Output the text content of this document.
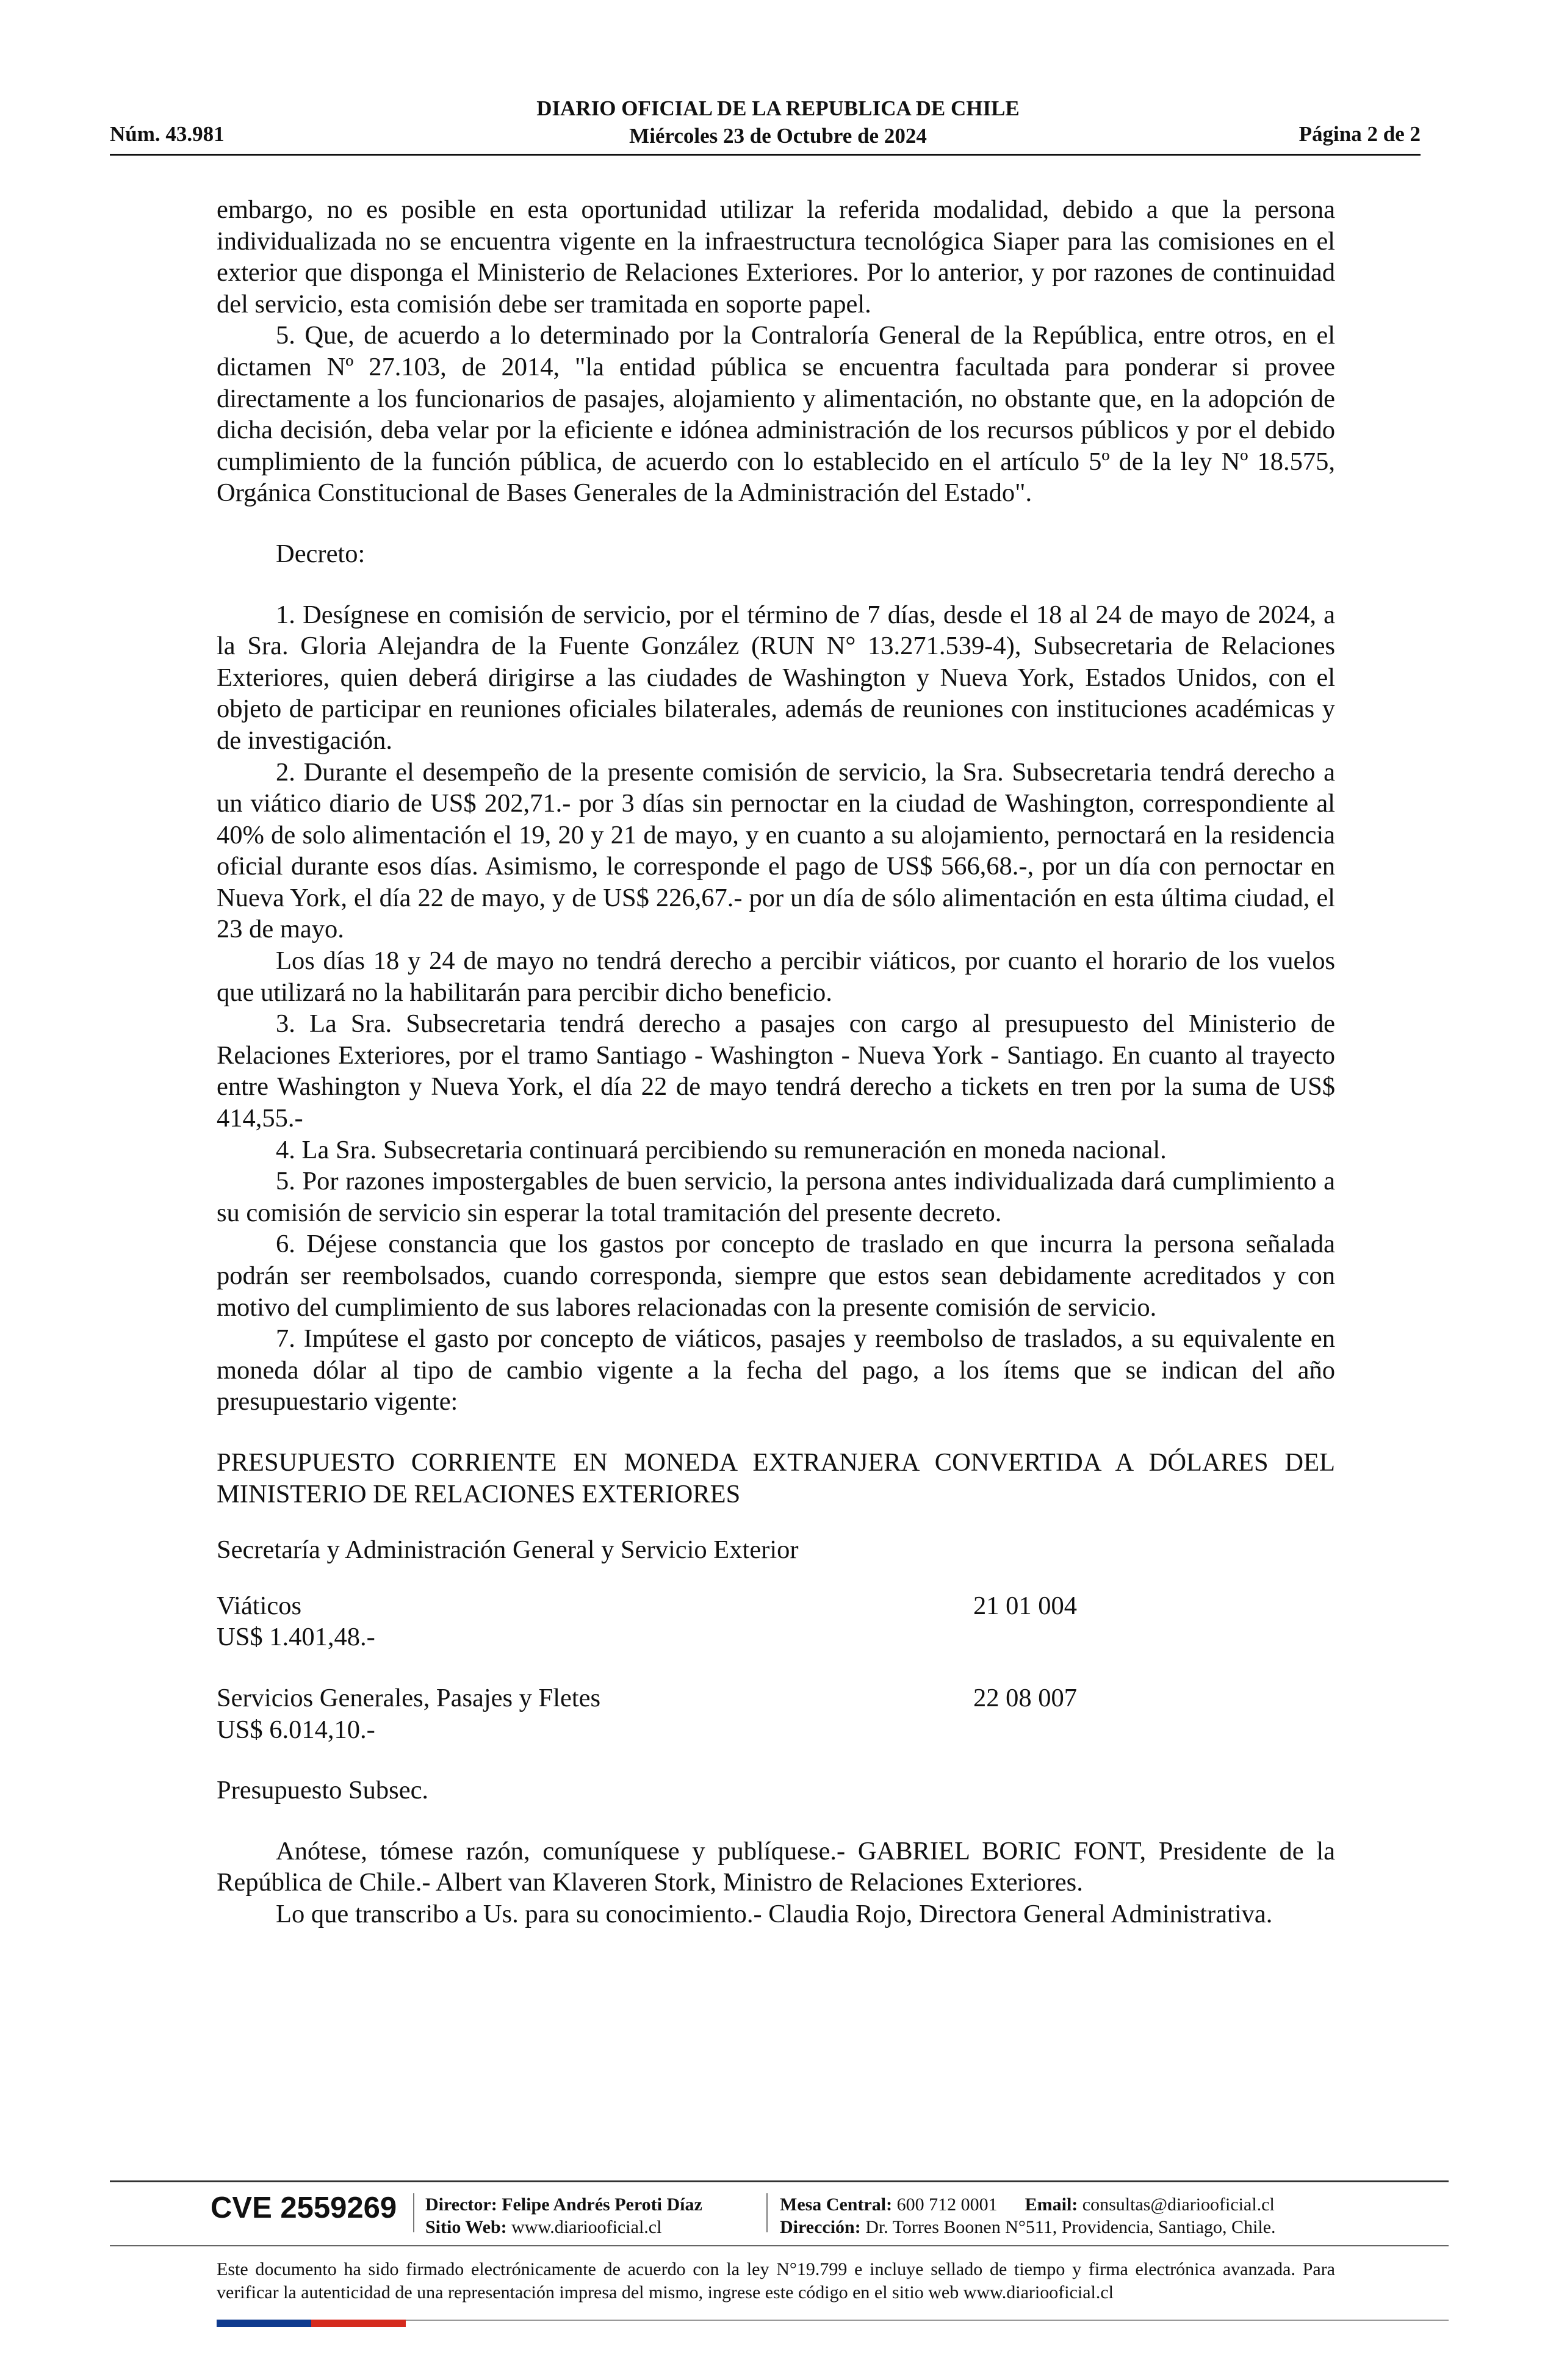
Núm. 43.981
DIARIO OFICIAL DE LA REPUBLICA DE CHILE
Miércoles 23 de Octubre de 2024	Página 2 de 2

embargo, no es posible en esta oportunidad utilizar la referida modalidad, debido a que la persona individualizada no se encuentra vigente en la infraestructura tecnológica Siaper para las comisiones en el exterior que disponga el Ministerio de Relaciones Exteriores. Por lo anterior, y por razones de continuidad del servicio, esta comisión debe ser tramitada en soporte papel.

5. Que, de acuerdo a lo determinado por la Contraloría General de la República, entre otros, en el dictamen Nº 27.103, de 2014, "la entidad pública se encuentra facultada para ponderar si provee directamente a los funcionarios de pasajes, alojamiento y alimentación, no obstante que, en la adopción de dicha decisión, deba velar por la eficiente e idónea administración de los recursos públicos y por el debido cumplimiento de la función pública, de acuerdo con lo establecido en el artículo 5º de la ley Nº 18.575, Orgánica Constitucional de Bases Generales de la Administración del Estado".

Decreto:

1. Desígnese en comisión de servicio, por el término de 7 días, desde el 18 al 24 de mayo de 2024, a la Sra. Gloria Alejandra de la Fuente González (RUN N° 13.271.539-4), Subsecretaria de Relaciones Exteriores, quien deberá dirigirse a las ciudades de Washington y Nueva York, Estados Unidos, con el objeto de participar en reuniones oficiales bilaterales, además de reuniones con instituciones académicas y de investigación.

2. Durante el desempeño de la presente comisión de servicio, la Sra. Subsecretaria tendrá derecho a un viático diario de US$ 202,71.- por 3 días sin pernoctar en la ciudad de Washington, correspondiente al 40% de solo alimentación el 19, 20 y 21 de mayo, y en cuanto a su alojamiento, pernoctará en la residencia oficial durante esos días. Asimismo, le corresponde el pago de US$ 566,68.-, por un día con pernoctar en Nueva York, el día 22 de mayo, y de US$ 226,67.- por un día de sólo alimentación en esta última ciudad, el 23 de mayo.

Los días 18 y 24 de mayo no tendrá derecho a percibir viáticos, por cuanto el horario de los vuelos que utilizará no la habilitarán para percibir dicho beneficio.

3. La Sra. Subsecretaria tendrá derecho a pasajes con cargo al presupuesto del Ministerio de Relaciones Exteriores, por el tramo Santiago - Washington - Nueva York - Santiago. En cuanto al trayecto entre Washington y Nueva York, el día 22 de mayo tendrá derecho a tickets en tren por la suma de US$ 414,55.-

4. La Sra. Subsecretaria continuará percibiendo su remuneración en moneda nacional.

5. Por razones impostergables de buen servicio, la persona antes individualizada dará cumplimiento a su comisión de servicio sin esperar la total tramitación del presente decreto.

6. Déjese constancia que los gastos por concepto de traslado en que incurra la persona señalada podrán ser reembolsados, cuando corresponda, siempre que estos sean debidamente acreditados y con motivo del cumplimiento de sus labores relacionadas con la presente comisión de servicio.

7. Impútese el gasto por concepto de viáticos, pasajes y reembolso de traslados, a su equivalente en moneda dólar al tipo de cambio vigente a la fecha del pago, a los ítems que se indican del año presupuestario vigente:

PRESUPUESTO CORRIENTE EN MONEDA EXTRANJERA CONVERTIDA A DÓLARES DEL MINISTERIO DE RELACIONES EXTERIORES

Secretaría y Administración General y Servicio Exterior

Viáticos	21 01 004
US$ 1.401,48.-
Servicios Generales, Pasajes y Fletes	22 08 007
US$ 6.014,10.-

Presupuesto Subsec.

Anótese, tómese razón, comuníquese y publíquese.- GABRIEL BORIC FONT, Presidente de la República de Chile.- Albert van Klaveren Stork, Ministro de Relaciones Exteriores.

Lo que transcribo a Us. para su conocimiento.- Claudia Rojo, Directora General Administrativa.

CVE 2559269 Director: Felipe Andrés Peroti Díaz
Sitio Web: www.diariooficial.cl
Mesa Central: 600 712 0001 Email: consultas@diariooficial.cl
Dirección: Dr. Torres Boonen N°511, Providencia, Santiago, Chile.
Este documento ha sido firmado electrónicamente de acuerdo con la ley N°19.799 e incluye sellado de tiempo y firma electrónica avanzada. Para verificar la autenticidad de una representación impresa del mismo, ingrese este código en el sitio web www.diariooficial.cl
